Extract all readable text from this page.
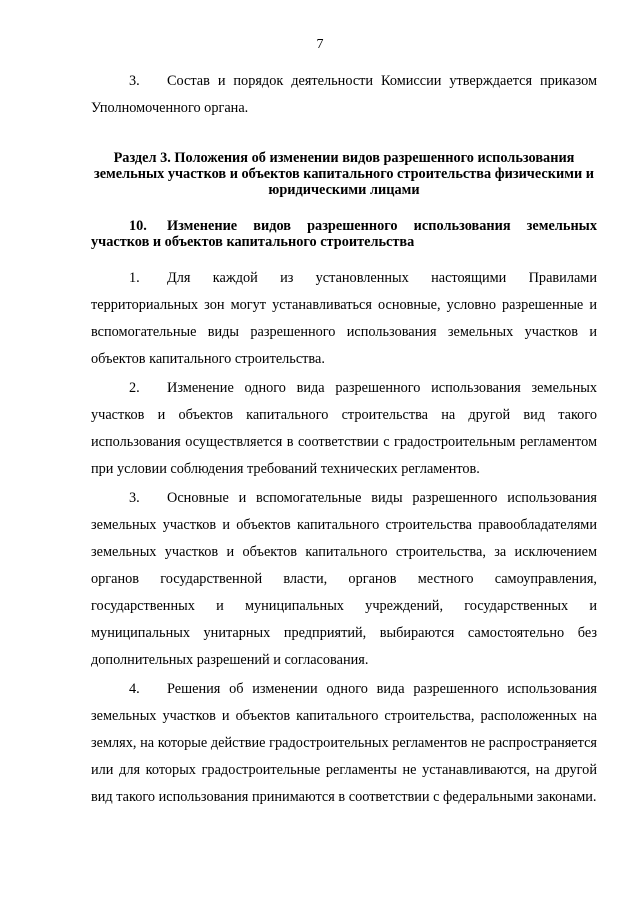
7

3. Состав и порядок деятельности Комиссии утверждается приказом Уполномоченного органа.

Раздел 3. Положения об изменении видов разрешенного использования земельных участков и объектов капитального строительства физическими и юридическими лицами

10. Изменение видов разрешенного использования земельных участков и объектов капитального строительства

1. Для каждой из установленных настоящими Правилами территориальных зон могут устанавливаться основные, условно разрешенные и вспомогательные виды разрешенного использования земельных участков и объектов капитального строительства.

2. Изменение одного вида разрешенного использования земельных участков и объектов капитального строительства на другой вид такого использования осуществляется в соответствии с градостроительным регламентом при условии соблюдения требований технических регламентов.

3. Основные и вспомогательные виды разрешенного использования земельных участков и объектов капитального строительства правообладателями земельных участков и объектов капитального строительства, за исключением органов государственной власти, органов местного самоуправления, государственных и муниципальных учреждений, государственных и муниципальных унитарных предприятий, выбираются самостоятельно без дополнительных разрешений и согласования.

4. Решения об изменении одного вида разрешенного использования земельных участков и объектов капитального строительства, расположенных на землях, на которые действие градостроительных регламентов не распространяется или для которых градостроительные регламенты не устанавливаются, на другой вид такого использования принимаются в соответствии с федеральными законами.
